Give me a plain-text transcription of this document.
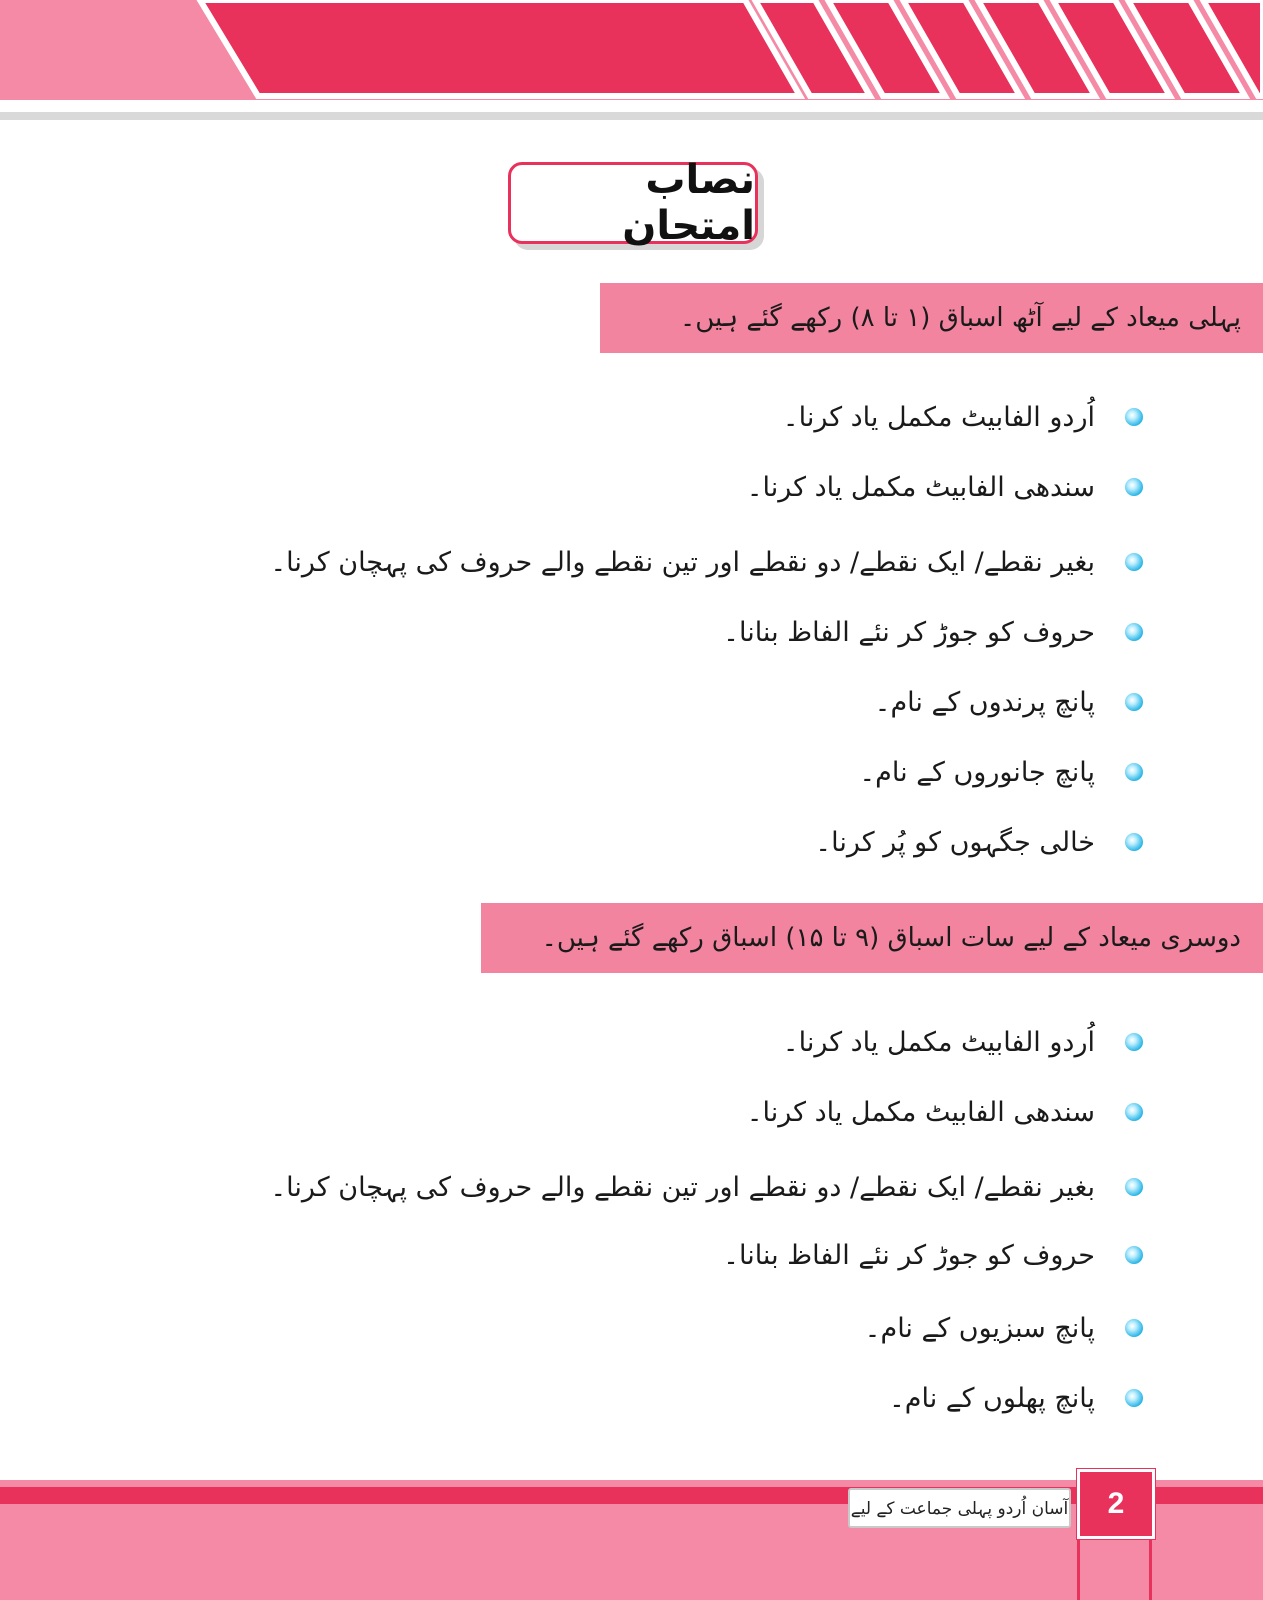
نصاب امتحان
پہلی میعاد کے لیے آٹھ اسباق (۱ تا ۸) رکھے گئے ہیں۔
اُردو الفابیٹ مکمل یاد کرنا۔
سندھی الفابیٹ مکمل یاد کرنا۔
بغیر نقطے/ ایک نقطے/ دو نقطے اور تین نقطے والے حروف کی پہچان کرنا۔
حروف کو جوڑ کر نئے الفاظ بنانا۔
پانچ پرندوں کے نام۔
پانچ جانوروں کے نام۔
خالی جگہوں کو پُر کرنا۔
دوسری میعاد کے لیے سات اسباق (۹ تا ۱۵) اسباق رکھے گئے ہیں۔
اُردو الفابیٹ مکمل یاد کرنا۔
سندھی الفابیٹ مکمل یاد کرنا۔
بغیر نقطے/ ایک نقطے/ دو نقطے اور تین نقطے والے حروف کی پہچان کرنا۔
حروف کو جوڑ کر نئے الفاظ بنانا۔
پانچ سبزیوں کے نام۔
پانچ پھلوں کے نام۔
آسان اُردو پہلی جماعت کے لیے 2
